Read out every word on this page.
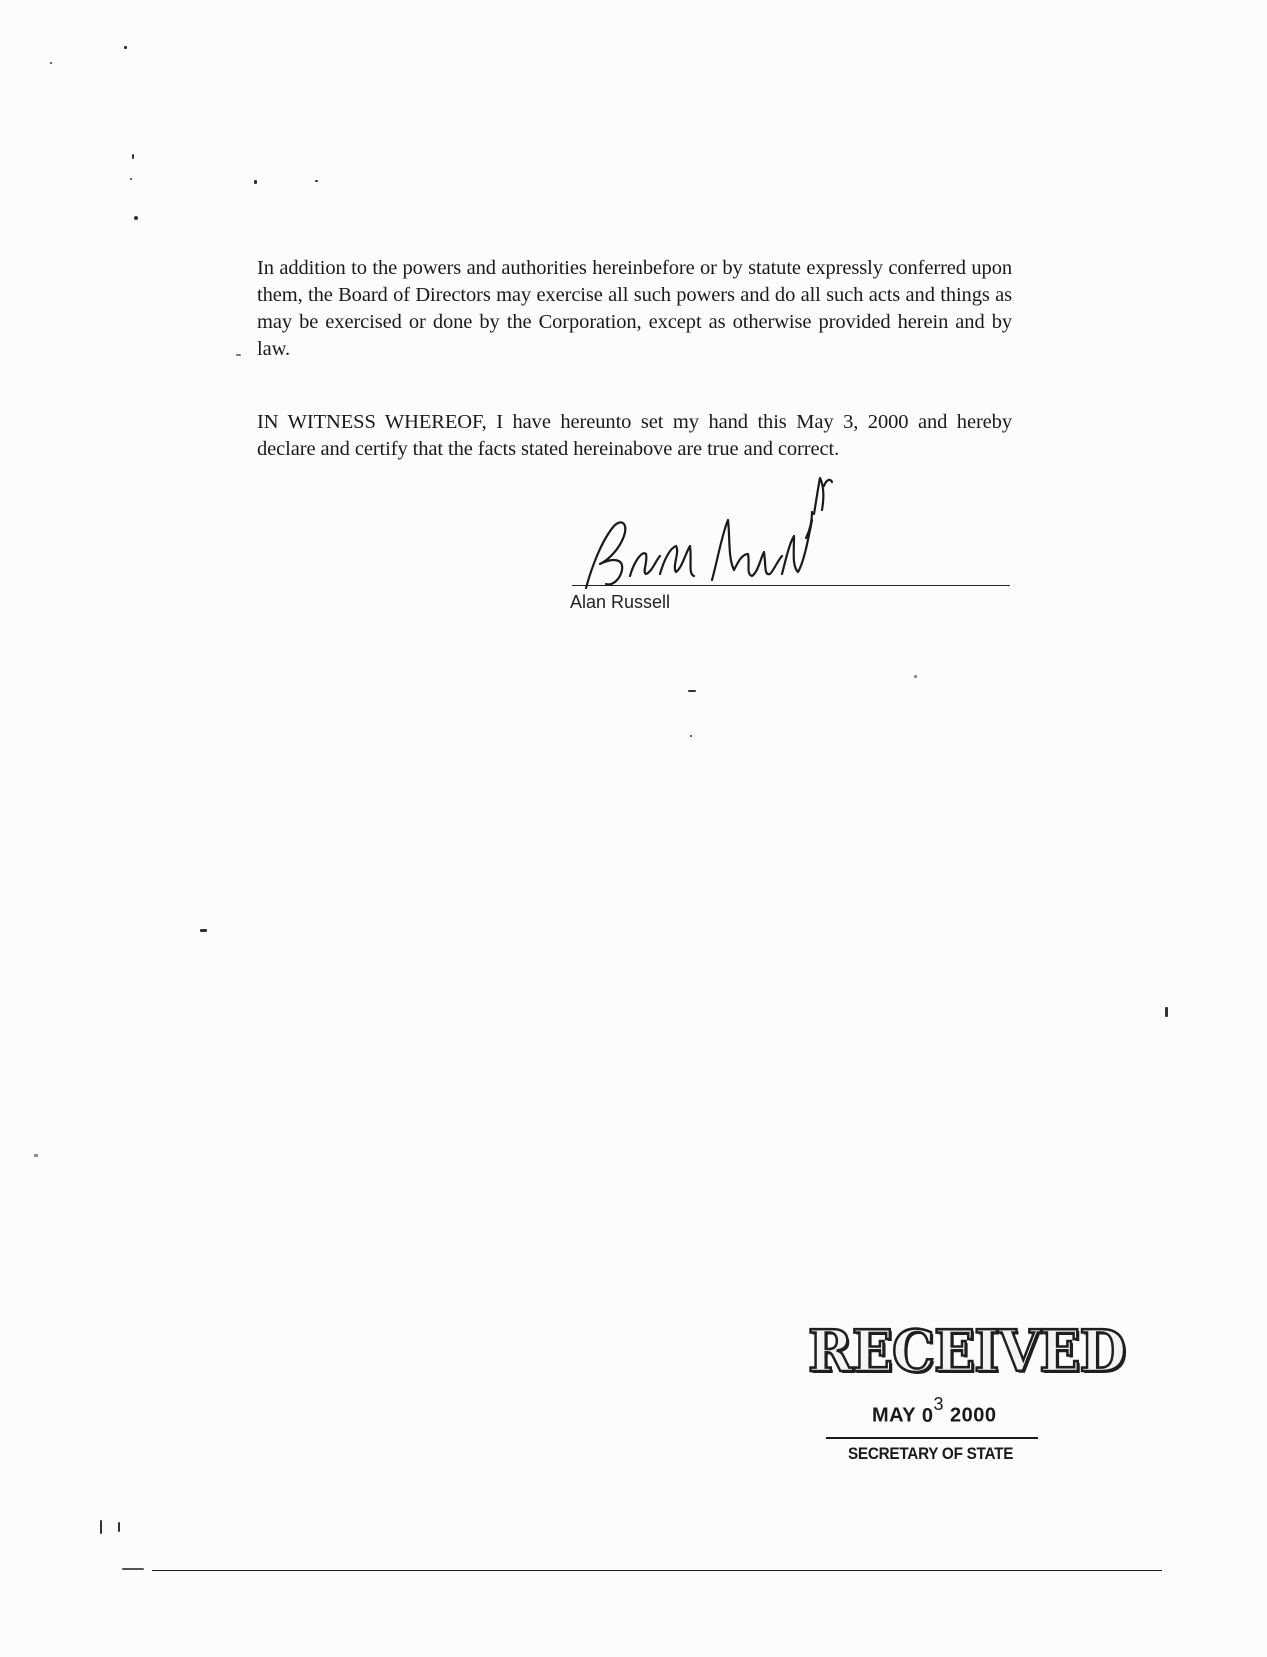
In addition to the powers and authorities hereinbefore or by statute expressly conferred upon them, the Board of Directors may exercise all such powers and do all such acts and things as may be exercised or done by the Corporation, except as otherwise provided herein and by law.

IN WITNESS WHEREOF, I have hereunto set my hand this May 3, 2000 and hereby declare and certify that the facts stated hereinabove are true and correct.

Alan Russell
RECEIVED
MAY $0^3$ 2000
SECRETARY OF STATE
